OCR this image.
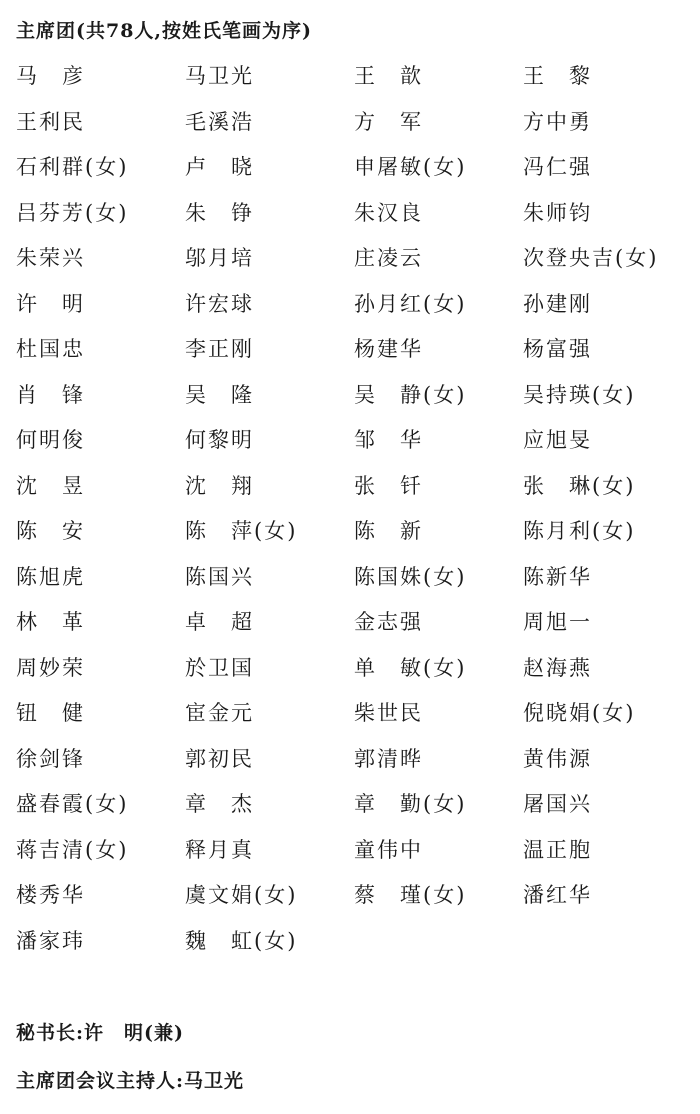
主席团(共78人,按姓氏笔画为序)
马　彦	马卫光	王　歆	王　黎
王利民	毛溪浩	方　军	方中勇
石利群(女)	卢　晓	申屠敏(女)	冯仁强
吕芬芳(女)	朱　铮	朱汉良	朱师钧
朱荣兴	邬月培	庄凌云	次登央吉(女)
许　明	许宏球	孙月红(女)	孙建刚
杜国忠	李正刚	杨建华	杨富强
肖　锋	吴　隆	吴　静(女)	吴持瑛(女)
何明俊	何黎明	邹　华	应旭旻
沈　昱	沈　翔	张　钎	张　琳(女)
陈　安	陈　萍(女)	陈　新	陈月利(女)
陈旭虎	陈国兴	陈国姝(女)	陈新华
林　革	卓　超	金志强	周旭一
周妙荣	於卫国	单　敏(女)	赵海燕
钮　健	宦金元	柴世民	倪晓娟(女)
徐剑锋	郭初民	郭清晔	黄伟源
盛春霞(女)	章　杰	章　勤(女)	屠国兴
蒋吉清(女)	释月真	童伟中	温正胞
楼秀华	虞文娟(女)	蔡　瑾(女)	潘红华
潘家玮	魏　虹(女)
秘书长:许　明(兼)
主席团会议主持人:马卫光
